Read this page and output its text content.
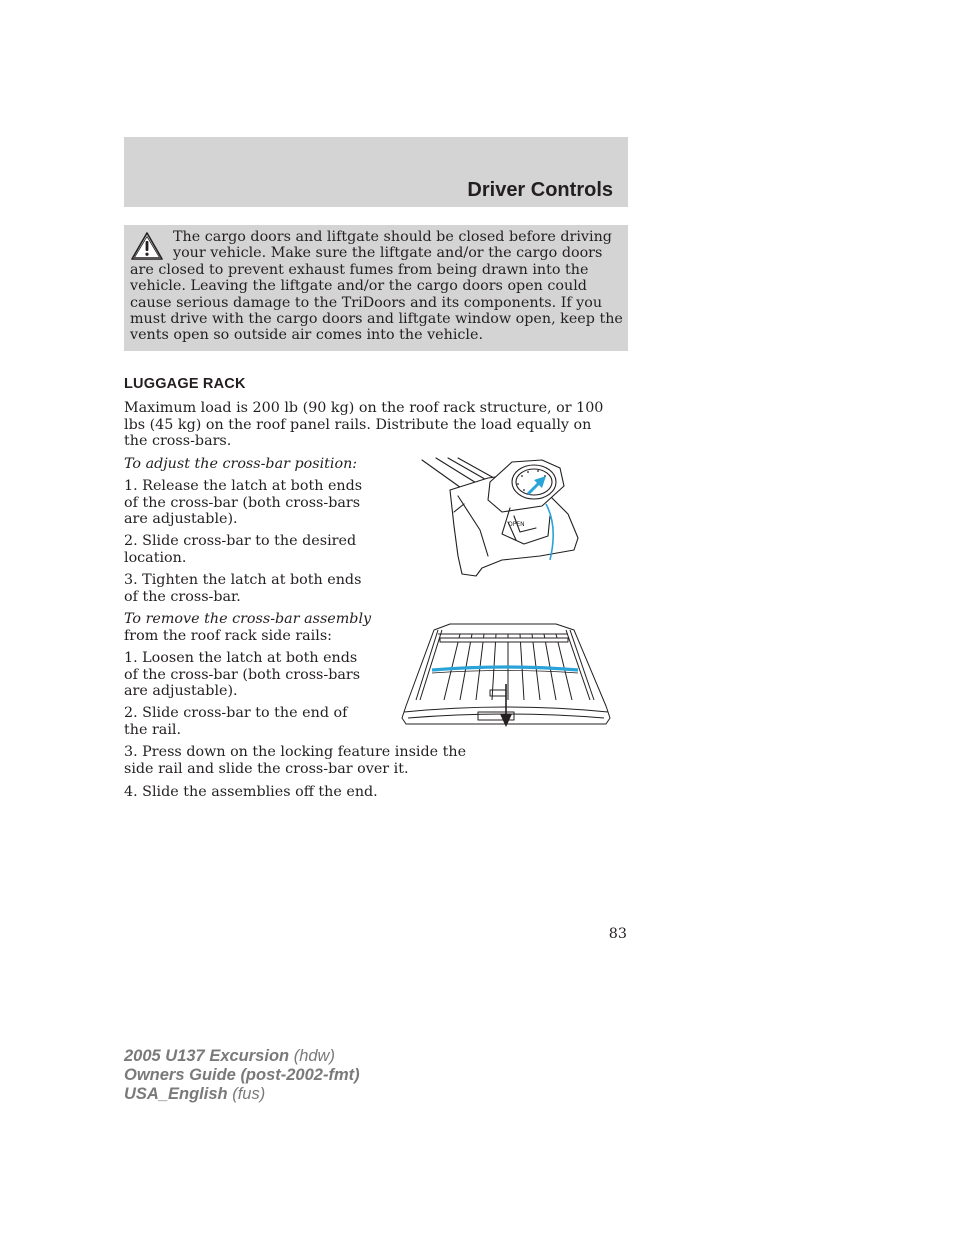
Driver Controls

The cargo doors and liftgate should be closed before driving your vehicle. Make sure the liftgate and/or the cargo doors are closed to prevent exhaust fumes from being drawn into the vehicle. Leaving the liftgate and/or the cargo doors open could cause serious damage to the TriDoors and its components. If you must drive with the cargo doors and liftgate window open, keep the vents open so outside air comes into the vehicle.

LUGGAGE RACK

Maximum load is 200 lb (90 kg) on the roof rack structure, or 100 lbs (45 kg) on the roof panel rails. Distribute the load equally on the cross-bars.

To adjust the cross-bar position:

1. Release the latch at both ends of the cross-bar (both cross-bars are adjustable).

2. Slide cross-bar to the desired location.

3. Tighten the latch at both ends of the cross-bar.

To remove the cross-bar assembly from the roof rack side rails:

1. Loosen the latch at both ends of the cross-bar (both cross-bars are adjustable).

2. Slide cross-bar to the end of the rail.

3. Press down on the locking feature inside the side rail and slide the cross-bar over it.

4. Slide the assemblies off the end.

OPEN

83

2005 U137 Excursion (hdw)
Owners Guide (post-2002-fmt)
USA_English (fus)
